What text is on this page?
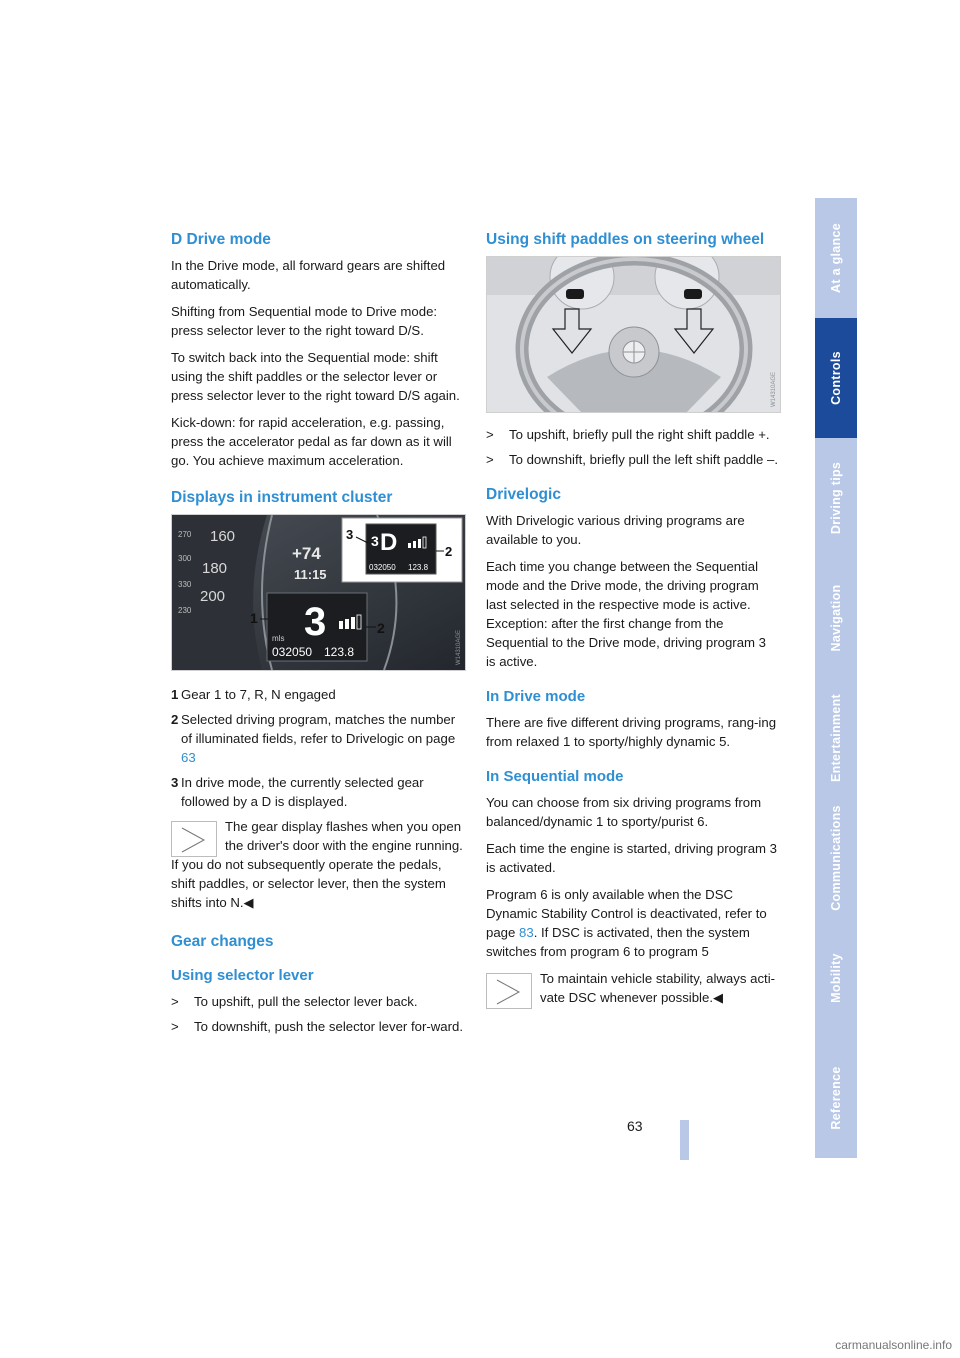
D Drive mode

In the Drive mode, all forward gears are shifted automatically.

Shifting from Sequential mode to Drive mode: press selector lever to the right toward D/S.

To switch back into the Sequential mode: shift using the shift paddles or the selector lever or press selector lever to the right toward D/S again.

Kick-down: for rapid acceleration, e.g. passing, press the accelerator pedal as far down as it will go. You achieve maximum acceleration.

Displays in instrument cluster
160
270
300
180
330
200
230
+74
11:15
3 D
032050 123.8
3
2
3
mls
032050 123.8
1
2
W14310AGE
1 Gear 1 to 7, R, N engaged
2 Selected driving program, matches the number of illuminated fields, refer to Drivelogic on page 63
3 In drive mode, the currently selected gear followed by a D is displayed.
The gear display flashes when you open the driver's door with the engine running.
If you do not subsequently operate the pedals, shift paddles, or selector lever, then the system shifts into N.◀
Gear changes
Using selector lever
>	To upshift, pull the selector lever back.
>	To downshift, push the selector lever for-ward.
Using shift paddles on steering wheel
W14310AGE
>	To upshift, briefly pull the right shift paddle +.
>	To downshift, briefly pull the left shift paddle –.
Drivelogic

With Drivelogic various driving programs are available to you.

Each time you change between the Sequential mode and the Drive mode, the driving program last selected in the respective mode is active. Exception: after the first change from the Sequential to the Drive mode, driving program 3 is active.

In Drive mode

There are five different driving programs, rang-ing from relaxed 1 to sporty/highly dynamic 5.

In Sequential mode

You can choose from six driving programs from balanced/dynamic 1 to sporty/purist 6.

Each time the engine is started, driving program 3 is activated.

Program 6 is only available when the DSC Dynamic Stability Control is deactivated, refer to page 83. If DSC is activated, then the system switches from program 6 to program 5

To maintain vehicle stability, always acti-vate DSC whenever possible.◀
At a glance
Controls
Driving tips
Navigation
Entertainment
Communications
Mobility
Reference
63
carmanualsonline.info
